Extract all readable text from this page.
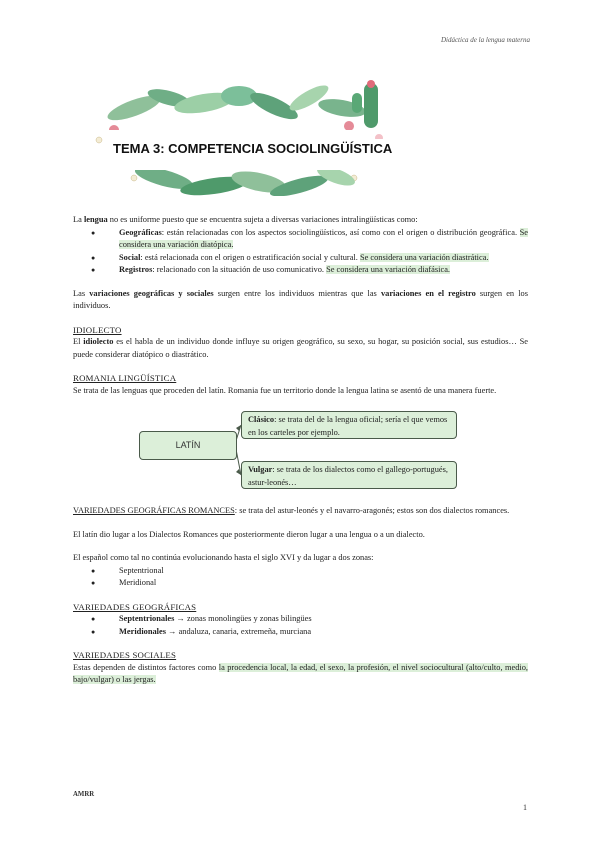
Didáctica de la lengua materna
TEMA 3: COMPETENCIA SOCIOLINGÜÍSTICA

La lengua no es uniforme puesto que se encuentra sujeta a diversas variaciones intralingüísticas como:

●	Geográficas: están relacionadas con los aspectos sociolingüísticos, así como con el origen o distribución geográfica. Se considera una variación diatópica.
●	Social: está relacionada con el origen o estratificación social y cultural. Se considera una variación diastrática.
●	Registros: relacionado con la situación de uso comunicativo. Se considera una variación diafásica.

Las variaciones geográficas y sociales surgen entre los individuos mientras que las variaciones en el registro surgen en los individuos.

IDIOLECTO

El idiolecto es el habla de un individuo donde influye su origen geográfico, su sexo, su hogar, su posición social, sus estudios… Se puede considerar diatópico o diastrático.

ROMANIA LINGÜÍSTICA

Se trata de las lenguas que proceden del latín. Romania fue un territorio donde la lengua latina se asentó de una manera fuerte.

LATÍN
Clásico: se trata del de la lengua oficial; sería el que vemos en los carteles por ejemplo.
Vulgar: se trata de los dialectos como el gallego-portugués, astur-leonés…

VARIEDADES GEOGRÁFICAS ROMANCES: se trata del astur-leonés y el navarro-aragonés; estos son dos dialectos romances.

El latín dio lugar a los Dialectos Romances que posteriormente dieron lugar a una lengua o a un dialecto.

El español como tal no continúa evolucionando hasta el siglo XVI y da lugar a dos zonas:

●	Septentrional
●	Meridional
VARIEDADES GEOGRÁFICAS
●	Septentrionales → zonas monolingües y zonas bilingües
●	Meridionales → andaluza, canaria, extremeña, murciana
VARIEDADES SOCIALES

Estas dependen de distintos factores como la procedencia local, la edad, el sexo, la profesión, el nivel sociocultural (alto/culto, medio, bajo/vulgar) o las jergas.

AMRR
1
